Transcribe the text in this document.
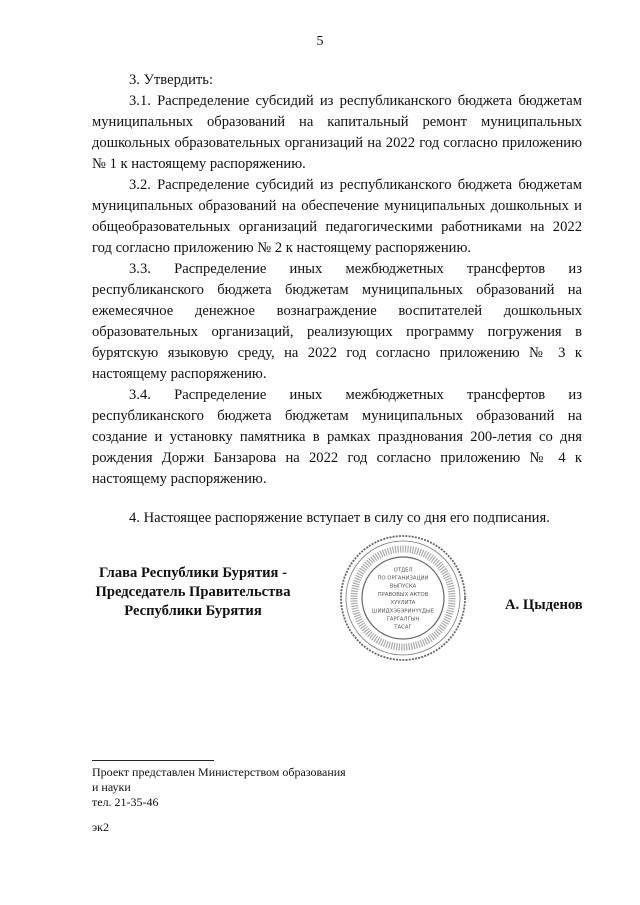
5

3. Утвердить:

3.1. Распределение субсидий из республиканского бюджета бюджетам муниципальных образований на капитальный ремонт муниципальных дошкольных образовательных организаций на 2022 год согласно приложению № 1 к настоящему распоряжению.

3.2. Распределение субсидий из республиканского бюджета бюджетам муниципальных образований на обеспечение муниципальных дошкольных и общеобразовательных организаций педагогическими работниками на 2022 год согласно приложению № 2 к настоящему распоряжению.

3.3. Распределение иных межбюджетных трансфертов из республиканского бюджета бюджетам муниципальных образований на ежемесячное денежное вознаграждение воспитателей дошкольных образовательных организаций, реализующих программу погружения в бурятскую языковую среду, на 2022 год согласно приложению № 3 к настоящему распоряжению.

3.4. Распределение иных межбюджетных трансфертов из республиканского бюджета бюджетам муниципальных образований на создание и установку памятника в рамках празднования 200-летия со дня рождения Доржи Банзарова на 2022 год согласно приложению № 4 к настоящему распоряжению.

4. Настоящее распоряжение вступает в силу со дня его подписания.

Глава Республики Бурятия -
Председатель Правительства
Республики Бурятия
ОТДЕЛ
ПО ОРГАНИЗАЦИИ
ВЫПУСКА
ПРАВОВЫХ АКТОВ
ХУУЛИТА
ШИИДХЭБЭРИНҮҮДЫЕ
ГАРГАЛГЫН
ТАСАГ
А. Цыденов
Проект представлен Министерством образования
и науки
тел. 21-35-46
эк2
